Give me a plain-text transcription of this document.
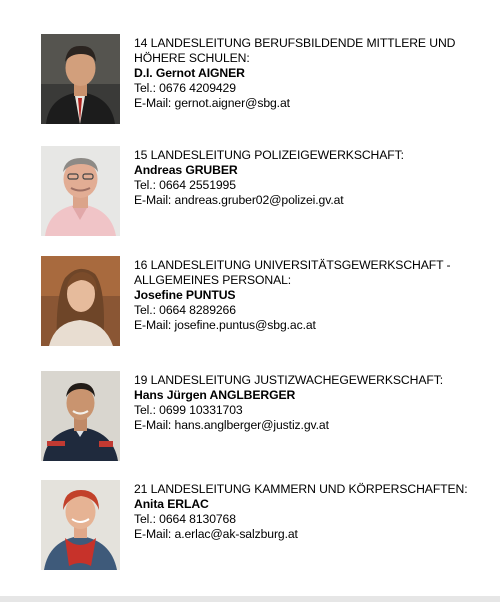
14 LANDESLEITUNG BERUFSBILDENDE MITTLERE UND
HÖHERE SCHULEN:
D.I. Gernot AIGNER
Tel.: 0676 4209429
E-Mail: gernot.aigner@sbg.at
15 LANDESLEITUNG POLIZEIGEWERKSCHAFT:
Andreas GRUBER
Tel.: 0664 2551995
E-Mail: andreas.gruber02@polizei.gv.at
16 LANDESLEITUNG UNIVERSITÄTSGEWERKSCHAFT -
ALLGEMEINES PERSONAL:
Josefine PUNTUS
Tel.: 0664 8289266
E-Mail: josefine.puntus@sbg.ac.at
19 LANDESLEITUNG JUSTIZWACHEGEWERKSCHAFT:
Hans Jürgen ANGLBERGER
Tel.: 0699 10331703
E-Mail: hans.anglberger@justiz.gv.at
21 LANDESLEITUNG KAMMERN UND KÖRPERSCHAFTEN:
Anita ERLAC
Tel.: 0664 8130768
E-Mail: a.erlac@ak-salzburg.at
